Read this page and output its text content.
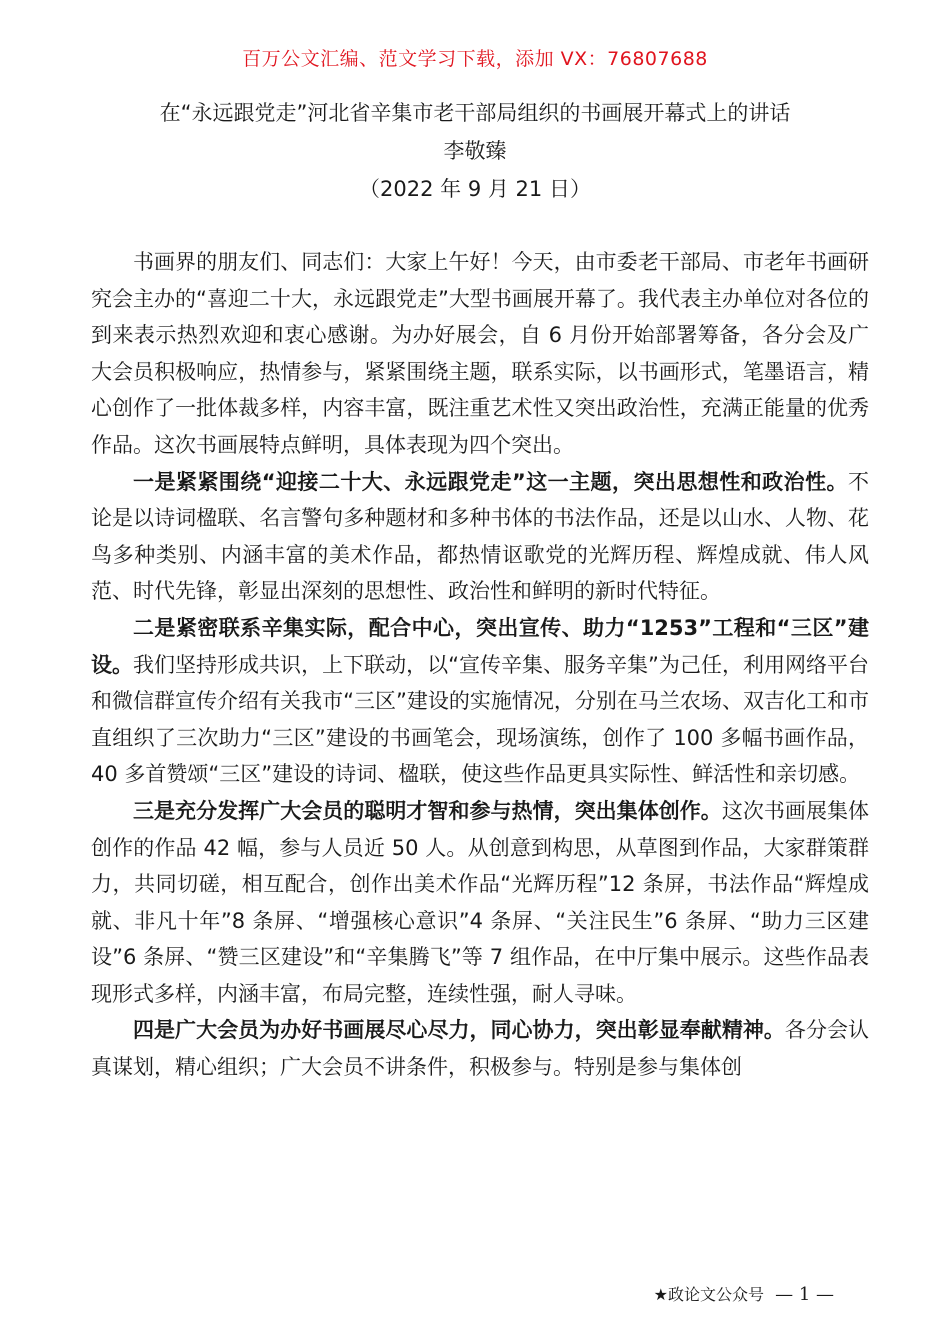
百万公文汇编、范文学习下载，添加 VX：76807688
在“永远跟党走”河北省辛集市老干部局组织的书画展开幕式上的讲话
李敬臻
（2022 年 9 月 21 日）

书画界的朋友们、同志们：大家上午好！今天，由市委老干部局、市老年书画研究会主办的“喜迎二十大，永远跟党走”大型书画展开幕了。我代表主办单位对各位的到来表示热烈欢迎和衷心感谢。为办好展会，自 6 月份开始部署筹备，各分会及广大会员积极响应，热情参与，紧紧围绕主题，联系实际，以书画形式，笔墨语言，精心创作了一批体裁多样，内容丰富，既注重艺术性又突出政治性，充满正能量的优秀作品。这次书画展特点鲜明，具体表现为四个突出。

一是紧紧围绕“迎接二十大、永远跟党走”这一主题，突出思想性和政治性。不论是以诗词楹联、名言警句多种题材和多种书体的书法作品，还是以山水、人物、花鸟多种类别、内涵丰富的美术作品，都热情讴歌党的光辉历程、辉煌成就、伟人风范、时代先锋，彰显出深刻的思想性、政治性和鲜明的新时代特征。

二是紧密联系辛集实际，配合中心，突出宣传、助力“1253”工程和“三区”建设。我们坚持形成共识，上下联动，以“宣传辛集、服务辛集”为己任，利用网络平台和微信群宣传介绍有关我市“三区”建设的实施情况，分别在马兰农场、双吉化工和市直组织了三次助力“三区”建设的书画笔会，现场演练，创作了 100 多幅书画作品，40 多首赞颂“三区”建设的诗词、楹联，使这些作品更具实际性、鲜活性和亲切感。

三是充分发挥广大会员的聪明才智和参与热情，突出集体创作。这次书画展集体创作的作品 42 幅，参与人员近 50 人。从创意到构思，从草图到作品，大家群策群力，共同切磋，相互配合，创作出美术作品“光辉历程”12 条屏，书法作品“辉煌成就、非凡十年”8 条屏、“增强核心意识”4 条屏、“关注民生”6 条屏、“助力三区建设”6 条屏、“赞三区建设”和“辛集腾飞”等 7 组作品，在中厅集中展示。这些作品表现形式多样，内涵丰富，布局完整，连续性强，耐人寻味。

四是广大会员为办好书画展尽心尽力，同心协力，突出彰显奉献精神。各分会认真谋划，精心组织；广大会员不讲条件，积极参与。特别是参与集体创

★政论文公众号 — 1 —
